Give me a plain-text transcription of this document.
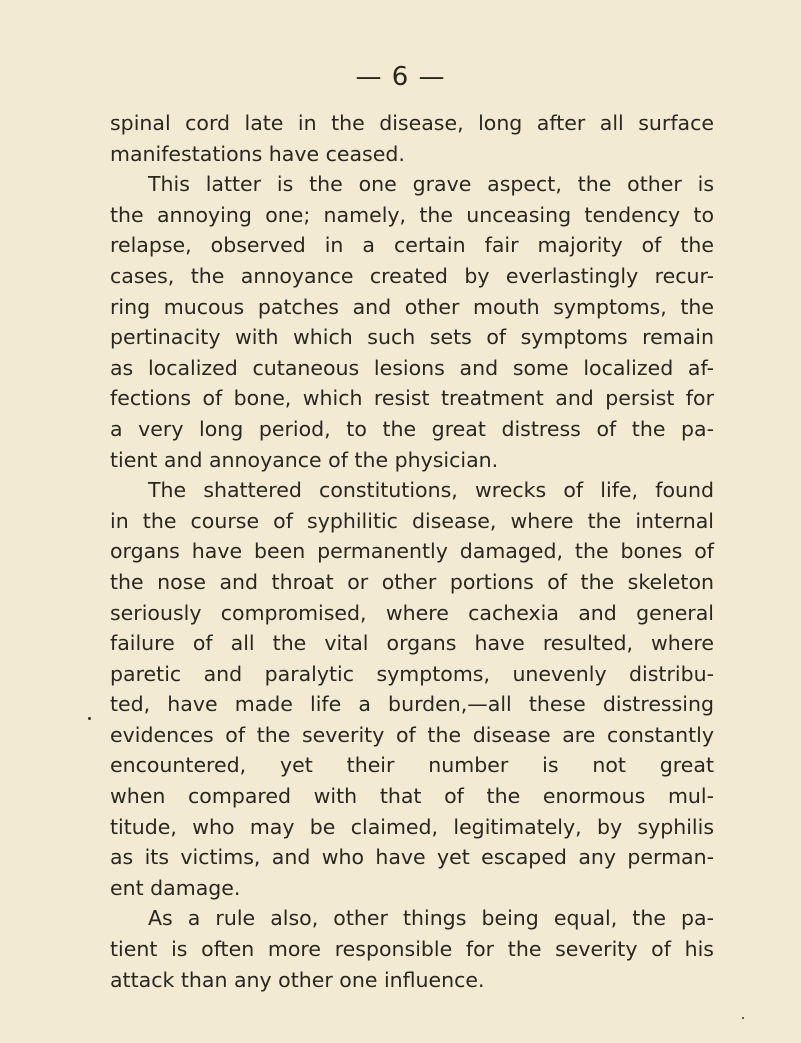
— 6 —
spinal cord late in the disease, long after all surface
manifestations have ceased.
This latter is the one grave aspect, the other is
the annoying one; namely, the unceasing tendency to
relapse, observed in a certain fair majority of the
cases, the annoyance created by everlastingly recur-
ring mucous patches and other mouth symptoms, the
pertinacity with which such sets of symptoms remain
as localized cutaneous lesions and some localized af-
fections of bone, which resist treatment and persist for
a very long period, to the great distress of the pa-
tient and annoyance of the physician.
The shattered constitutions, wrecks of life, found
in the course of syphilitic disease, where the internal
organs have been permanently damaged, the bones of
the nose and throat or other portions of the skeleton
seriously compromised, where cachexia and general
failure of all the vital organs have resulted, where
paretic and paralytic symptoms, unevenly distribu-
ted, have made life a burden,—all these distressing
evidences of the severity of the disease are constantly
encountered, yet their number is not great
when compared with that of the enormous mul-
titude, who may be claimed, legitimately, by syphilis
as its victims, and who have yet escaped any perman-
ent damage.
As a rule also, other things being equal, the pa-
tient is often more responsible for the severity of his
attack than any other one influence.
